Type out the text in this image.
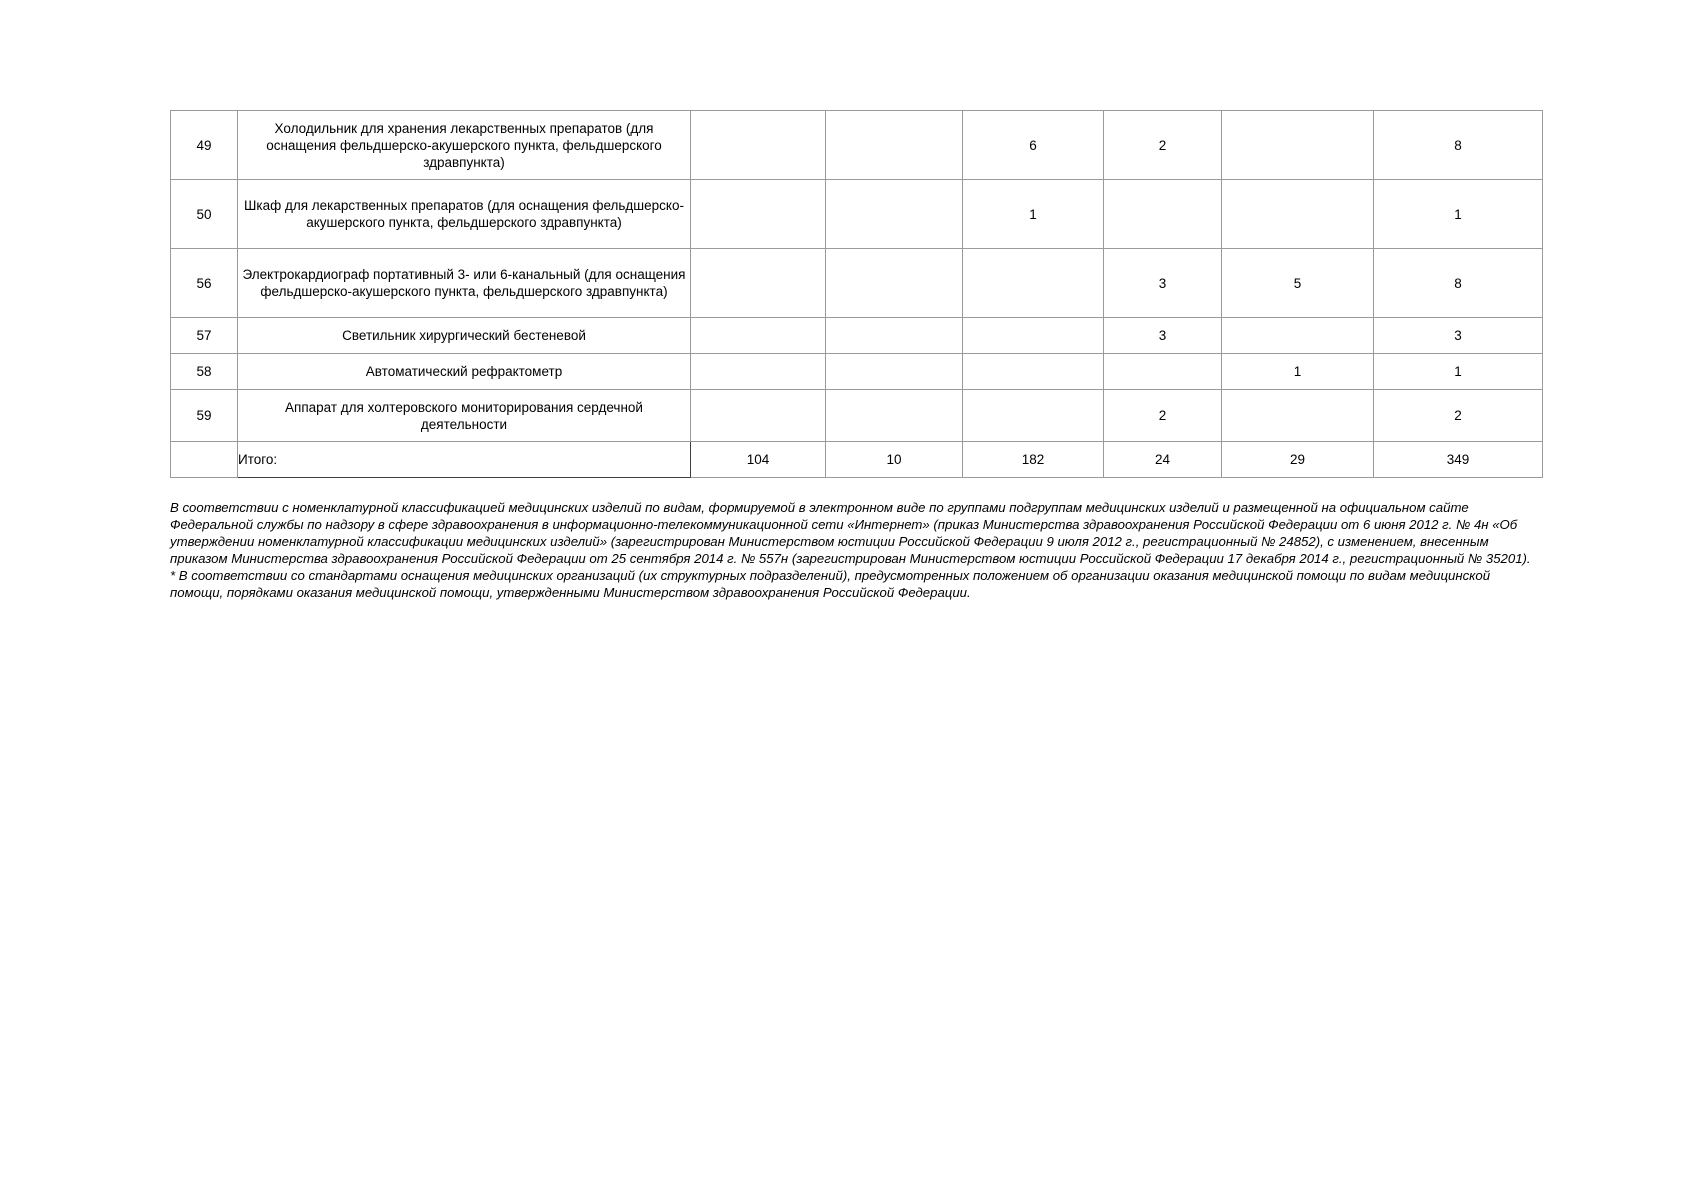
49	Холодильник для хранения лекарственных препаратов (для оснащения фельдшерско-акушерского пункта, фельдшерского здравпункта)			6	2		8
50	Шкаф для лекарственных препаратов (для оснащения фельдшерско-акушерского пункта, фельдшерского здравпункта)			1			1
56	Электрокардиограф портативный 3- или 6-канальный (для оснащения фельдшерско-акушерского пункта, фельдшерского здравпункта)				3	5	8
57	Светильник хирургический бестеневой				3		3
58	Автоматический рефрактометр					1	1
59	Аппарат для холтеровского мониторирования сердечной деятельности				2		2
	Итого:	104	10	182	24	29	349

В соответствии с номенклатурной классификацией медицинских изделий по видам, формируемой в электронном виде по группами подгруппам медицинских изделий и размещенной на официальном сайте Федеральной службы по надзору в сфере здравоохранения в информационно-телекоммуникационной сети «Интернет» (приказ Министерства здравоохранения Российской Федерации от 6 июня 2012 г. № 4н «Об утверждении номенклатурной классификации медицинских изделий» (зарегистрирован Министерством юстиции Российской Федерации 9 июля 2012 г., регистрационный № 24852), с изменением, внесенным приказом Министерства здравоохранения Российской Федерации от 25 сентября 2014 г. № 557н (зарегистрирован Министерством юстиции Российской Федерации 17 декабря 2014 г., регистрационный № 35201).

* В соответствии со стандартами оснащения медицинских организаций (их структурных подразделений), предусмотренных положением об организации оказания медицинской помощи по видам медицинской помощи, порядками оказания медицинской помощи, утвержденными Министерством здравоохранения Российской Федерации.
